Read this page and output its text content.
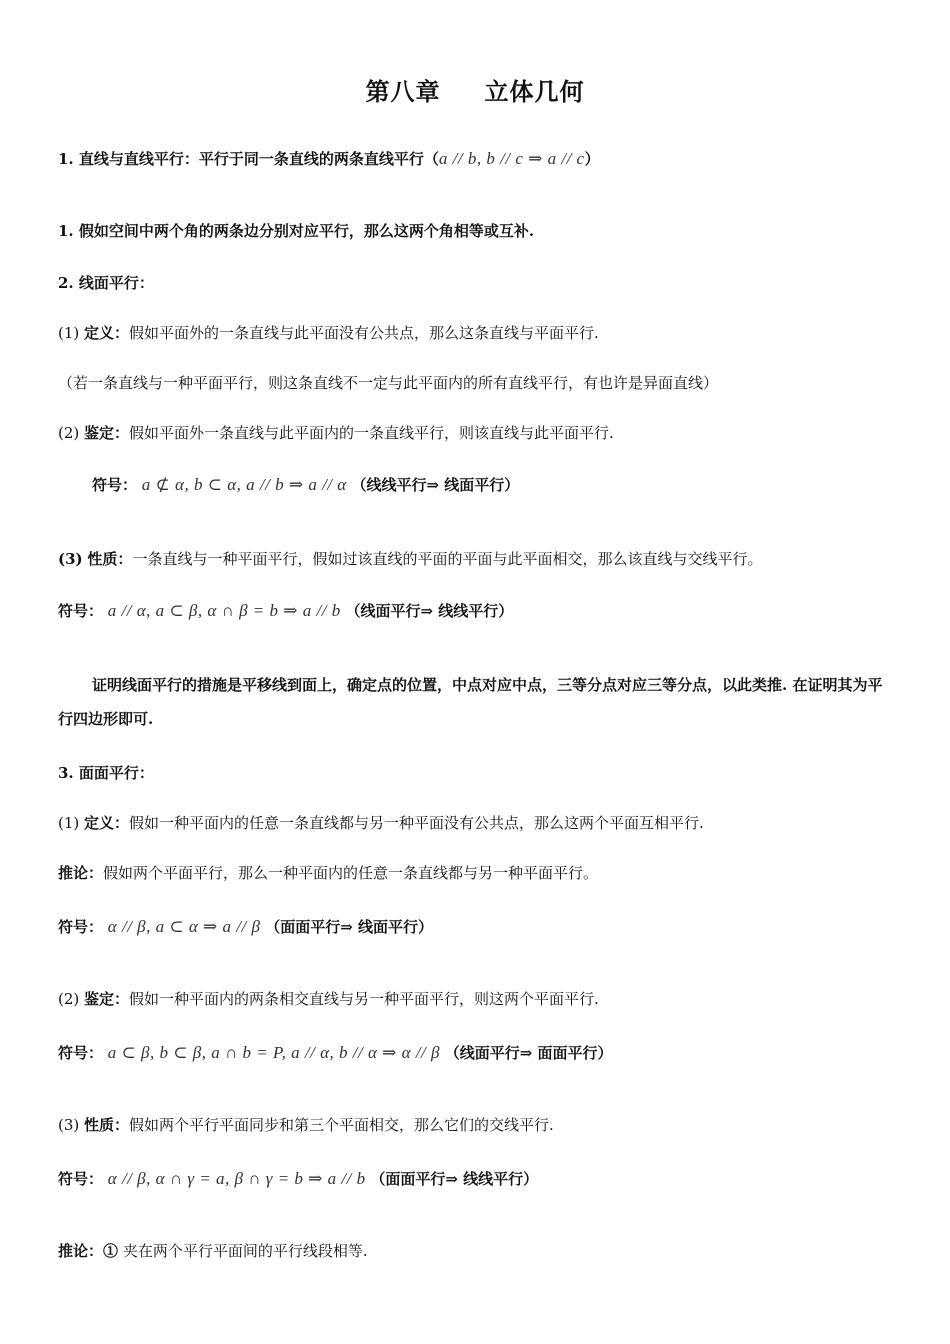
第八章 立体几何
1. 直线与直线平行：平行于同一条直线的两条直线平行（a // b, b // c ⇒ a // c）
1. 假如空间中两个角的两条边分别对应平行，那么这两个角相等或互补.
2. 线面平行：
(1) 定义：假如平面外的一条直线与此平面没有公共点，那么这条直线与平面平行.
（若一条直线与一种平面平行，则这条直线不一定与此平面内的所有直线平行，有也许是异面直线）
(2) 鉴定：假如平面外一条直线与此平面内的一条直线平行，则该直线与此平面平行.
符号： a ⊄ α, b ⊂ α, a // b ⇒ a // α （线线平行⇒ 线面平行）
(3) 性质：一条直线与一种平面平行，假如过该直线的平面的平面与此平面相交，那么该直线与交线平行。
符号： a // α, a ⊂ β, α ∩ β = b ⇒ a // b （线面平行⇒ 线线平行）
证明线面平行的措施是平移线到面上，确定点的位置，中点对应中点，三等分点对应三等分点，以此类推. 在证明其为平行四边形即可.
3. 面面平行：
(1) 定义：假如一种平面内的任意一条直线都与另一种平面没有公共点，那么这两个平面互相平行.
推论：假如两个平面平行，那么一种平面内的任意一条直线都与另一种平面平行。
符号： α // β, a ⊂ α ⇒ a // β （面面平行⇒ 线面平行）
(2) 鉴定：假如一种平面内的两条相交直线与另一种平面平行，则这两个平面平行.
符号： a ⊂ β, b ⊂ β, a ∩ b = P, a // α, b // α ⇒ α // β （线面平行⇒ 面面平行）
(3) 性质：假如两个平行平面同步和第三个平面相交，那么它们的交线平行.
符号： α // β, α ∩ γ = a, β ∩ γ = b ⇒ a // b （面面平行⇒ 线线平行）
推论：① 夹在两个平行平面间的平行线段相等.
